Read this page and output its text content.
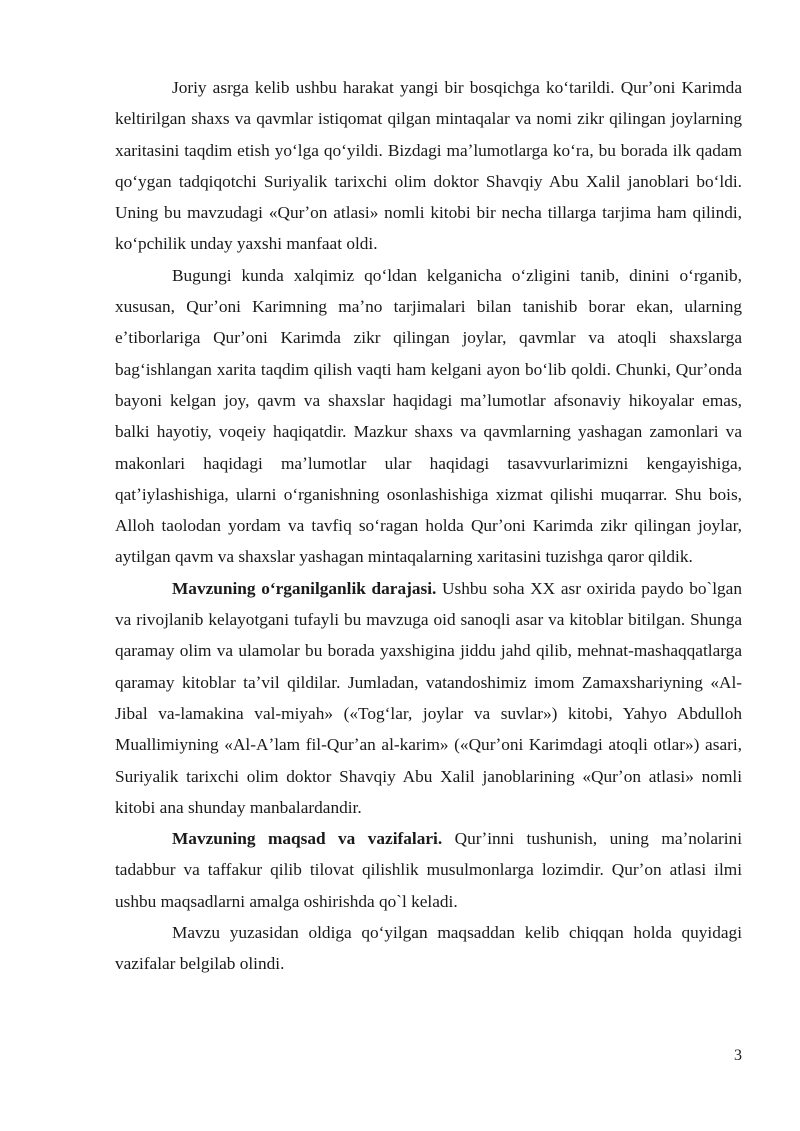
Joriy asrga kelib ushbu harakat yangi bir bosqichga koʻtarildi. Qurʼoni Karimda keltirilgan shaxs va qavmlar istiqomat qilgan mintaqalar va nomi zikr qilingan joylarning xaritasini taqdim etish yoʻlga qoʻyildi. Bizdagi maʼlumotlarga koʻra, bu borada ilk qadam qoʻygan tadqiqotchi Suriyalik tarixchi olim doktor Shavqiy Abu Xalil janoblari boʻldi. Uning bu mavzudagi «Qurʼon atlasi» nomli kitobi bir necha tillarga tarjima ham qilindi, koʻpchilik unday yaxshi manfaat oldi.

Bugungi kunda xalqimiz qoʻldan kelganicha oʻzligini tanib, dinini oʻrganib, xususan, Qurʼoni Karimning maʼno tarjimalari bilan tanishib borar ekan, ularning eʼtiborlariga Qurʼoni Karimda zikr qilingan joylar, qavmlar va atoqli shaxslarga bagʻishlangan xarita taqdim qilish vaqti ham kelgani ayon boʻlib qoldi. Chunki, Qurʼonda bayoni kelgan joy, qavm va shaxslar haqidagi maʼlumotlar afsonaviy hikoyalar emas, balki hayotiy, voqeiy haqiqatdir. Mazkur shaxs va qavmlarning yashagan zamonlari va makonlari haqidagi maʼlumotlar ular haqidagi tasavvurlarimizni kengayishiga, qatʼiylashishiga, ularni oʻrganishning osonlashishiga xizmat qilishi muqarrar. Shu bois, Alloh taolodan yordam va tavfiq soʻragan holda Qurʼoni Karimda zikr qilingan joylar, aytilgan qavm va shaxslar yashagan mintaqalarning xaritasini tuzishga qaror qildik.

Mavzuning oʻrganilganlik darajasi. Ushbu soha XX asr oxirida paydo bo`lgan va rivojlanib kelayotgani tufayli bu mavzuga oid sanoqli asar va kitoblar bitilgan. Shunga qaramay olim va ulamolar bu borada yaxshigina jiddu jahd qilib, mehnat-mashaqqatlarga qaramay kitoblar taʼvil qildilar. Jumladan, vatandoshimiz imom Zamaxshariyning «Al-Jibal va-lamakina val-miyah» («Togʻlar, joylar va suvlar») kitobi, Yahyo Abdulloh Muallimiyning «Al-Aʼlam fil-Qurʼan al-karim» («Qurʼoni Karimdagi atoqli otlar») asari, Suriyalik tarixchi olim doktor Shavqiy Abu Xalil janoblarining «Qurʼon atlasi» nomli kitobi ana shunday manbalardandir.

Mavzuning maqsad va vazifalari. Qurʼinni tushunish, uning maʼnolarini tadabbur va taffakur qilib tilovat qilishlik musulmonlarga lozimdir. Qurʼon atlasi ilmi ushbu maqsadlarni amalga oshirishda qo`l keladi.

Mavzu yuzasidan oldiga qoʻyilgan maqsaddan kelib chiqqan holda quyidagi vazifalar belgilab olindi.

3
